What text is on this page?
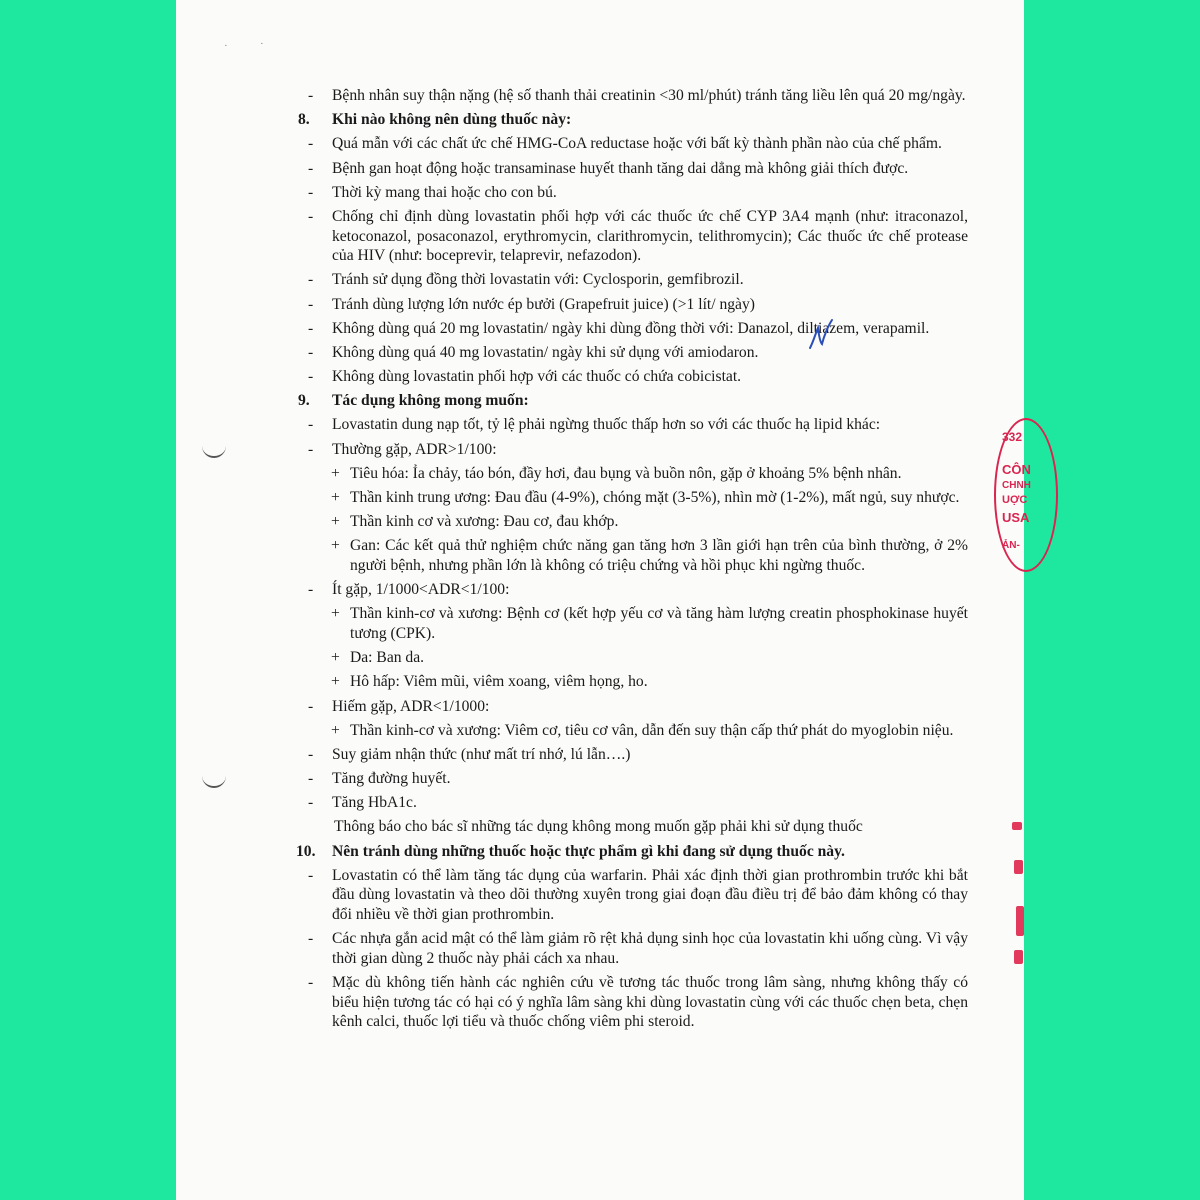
·	·
- Bệnh nhân suy thận nặng (hệ số thanh thải creatinin <30 ml/phút) tránh tăng liều lên quá 20 mg/ngày.
8. Khi nào không nên dùng thuốc này:
- Quá mẫn với các chất ức chế HMG-CoA reductase hoặc với bất kỳ thành phần nào của chế phẩm.
- Bệnh gan hoạt động hoặc transaminase huyết thanh tăng dai dẳng mà không giải thích được.
- Thời kỳ mang thai hoặc cho con bú.
- Chống chỉ định dùng lovastatin phối hợp với các thuốc ức chế CYP 3A4 mạnh (như: itraconazol, ketoconazol, posaconazol, erythromycin, clarithromycin, telithromycin); Các thuốc ức chế protease của HIV (như: boceprevir, telaprevir, nefazodon).
- Tránh sử dụng đồng thời lovastatin với: Cyclosporin, gemfibrozil.
- Tránh dùng lượng lớn nước ép bưởi (Grapefruit juice) (>1 lít/ ngày)
- Không dùng quá 20 mg lovastatin/ ngày khi dùng đồng thời với: Danazol, diltiazem, verapamil.
- Không dùng quá 40 mg lovastatin/ ngày khi sử dụng với amiodaron.
- Không dùng lovastatin phối hợp với các thuốc có chứa cobicistat.
9. Tác dụng không mong muốn:
- Lovastatin dung nạp tốt, tỷ lệ phải ngừng thuốc thấp hơn so với các thuốc hạ lipid khác:
- Thường gặp, ADR>1/100:
+ Tiêu hóa: Ỉa chảy, táo bón, đầy hơi, đau bụng và buồn nôn, gặp ở khoảng 5% bệnh nhân.
+ Thần kinh trung ương: Đau đầu (4-9%), chóng mặt (3-5%), nhìn mờ (1-2%), mất ngủ, suy nhược.
+ Thần kinh cơ và xương: Đau cơ, đau khớp.
+ Gan: Các kết quả thử nghiệm chức năng gan tăng hơn 3 lần giới hạn trên của bình thường, ở 2% người bệnh, nhưng phần lớn là không có triệu chứng và hồi phục khi ngừng thuốc.
- Ít gặp, 1/1000<ADR<1/100:
+ Thần kinh-cơ và xương: Bệnh cơ (kết hợp yếu cơ và tăng hàm lượng creatin phosphokinase huyết tương (CPK).
+ Da: Ban da.
+ Hô hấp: Viêm mũi, viêm xoang, viêm họng, ho.
- Hiếm gặp, ADR<1/1000:
+ Thần kinh-cơ và xương: Viêm cơ, tiêu cơ vân, dẫn đến suy thận cấp thứ phát do myoglobin niệu.
- Suy giảm nhận thức (như mất trí nhớ, lú lẫn….)
- Tăng đường huyết.
- Tăng HbA1c.
Thông báo cho bác sĩ những tác dụng không mong muốn gặp phải khi sử dụng thuốc
10. Nên tránh dùng những thuốc hoặc thực phẩm gì khi đang sử dụng thuốc này.
- Lovastatin có thể làm tăng tác dụng của warfarin. Phải xác định thời gian prothrombin trước khi bắt đầu dùng lovastatin và theo dõi thường xuyên trong giai đoạn đầu điều trị để bảo đảm không có thay đổi nhiều về thời gian prothrombin.
- Các nhựa gắn acid mật có thể làm giảm rõ rệt khả dụng sinh học của lovastatin khi uống cùng. Vì vậy thời gian dùng 2 thuốc này phải cách xa nhau.
- Mặc dù không tiến hành các nghiên cứu về tương tác thuốc trong lâm sàng, nhưng không thấy có biểu hiện tương tác có hại có ý nghĩa lâm sàng khi dùng lovastatin cùng với các thuốc chẹn beta, chẹn kênh calci, thuốc lợi tiểu và thuốc chống viêm phi steroid.
332
CÔN
CHNH
UỢC
USA
ẢN-
